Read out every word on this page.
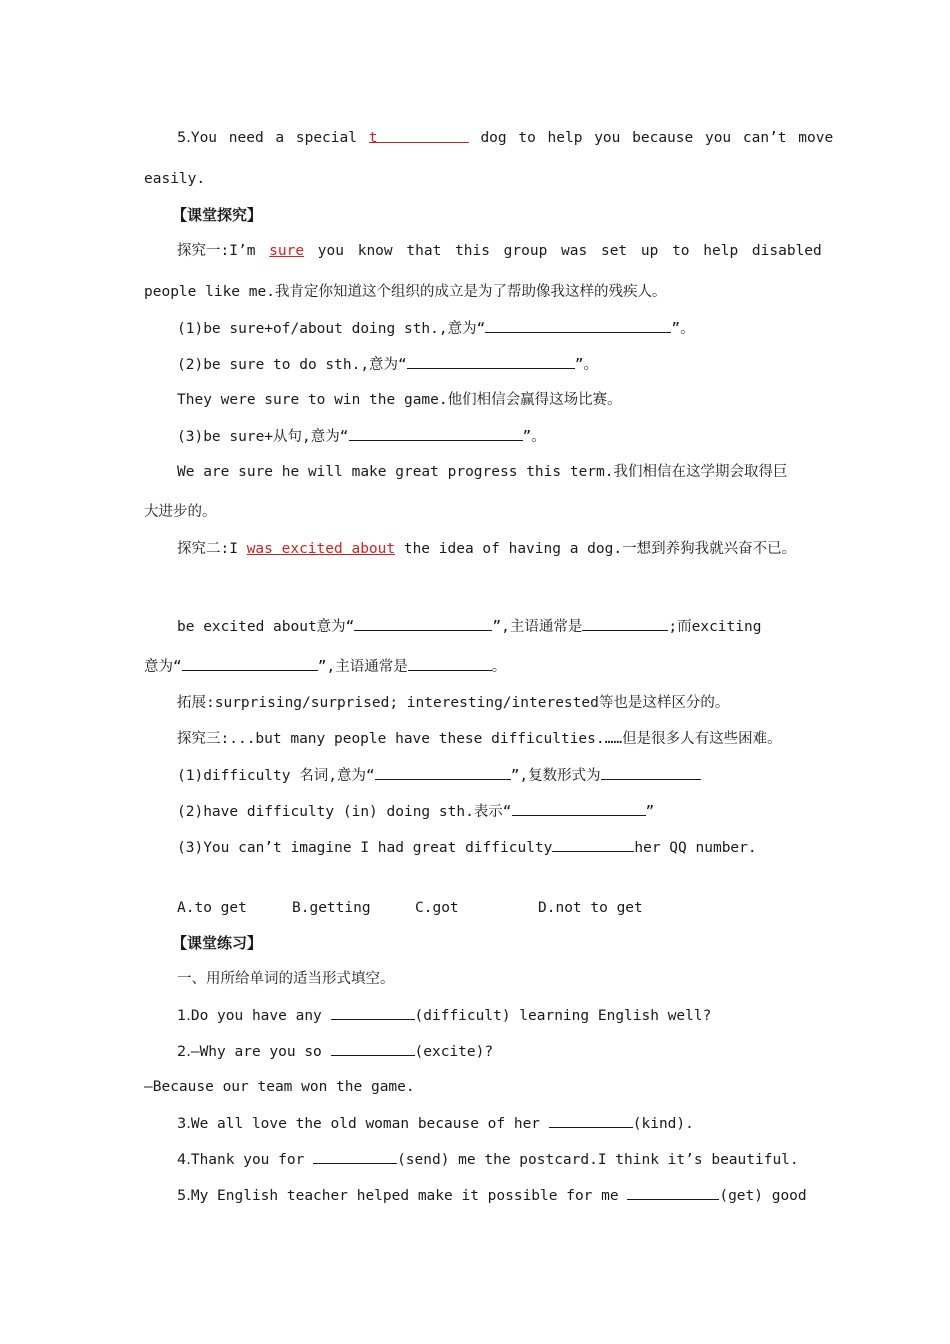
5.You need a special t	dog to help you because you can’t move
easily.
【课堂探究】
探究一:I’m sure you know that this group was set up to help disabled
people like me.我肯定你知道这个组织的成立是为了帮助像我这样的残疾人。
(1)be sure+of/about doing sth.,意为“	”。
(2)be sure to do sth.,意为“	”。
They were sure to win the game.他们相信会赢得这场比赛。
(3)be sure+从句,意为“	”。
We are sure he will make great progress this term.我们相信在这学期会取得巨
大进步的。
探究二:I was excited about the idea of having a dog.一想到养狗我就兴奋不已。
be excited about意为“	”,主语通常是	;而exciting
意为“	”,主语通常是	。
拓展:surprising/surprised; interesting/interested等也是这样区分的。
探究三:...but many people have these difficulties.……但是很多人有这些困难。
(1)difficulty 名词,意为“	”,复数形式为
(2)have difficulty (in) doing sth.表示“	”
(3)You can’t imagine I had great difficulty	her QQ number.
A.to get	B.getting	C.got	D.not to get
【课堂练习】
一、用所给单词的适当形式填空。
1.Do you have any	(difficult) learning English well?
2.—Why are you so	(excite)?
—Because our team won the game.
3.We all love the old woman because of her	(kind).
4.Thank you for	(send) me the postcard.I think it’s beautiful.
5.My English teacher helped make it possible for me	(get) good
